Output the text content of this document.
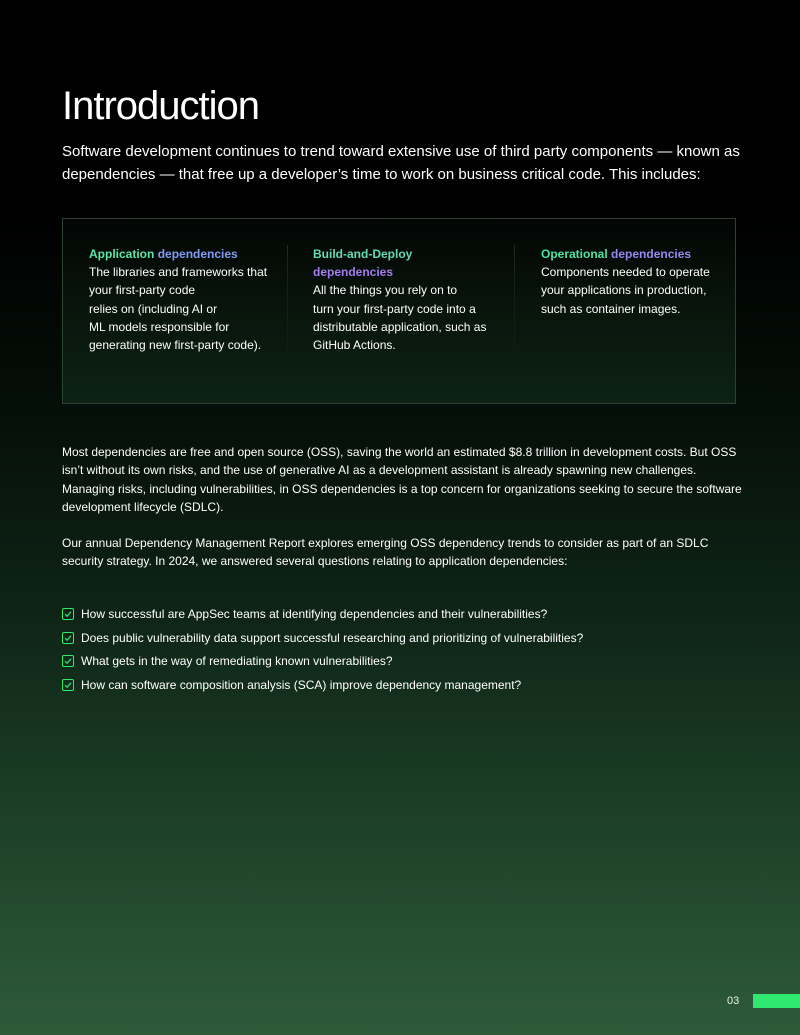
Introduction

Software development continues to trend toward extensive use of third party components — known as dependencies — that free up a developer’s time to work on business critical code. This includes:

Application dependencies
The libraries and frameworks that
your first-party code
relies on (including AI or
ML models responsible for
generating new first-party code).
Build-and-Deploy dependencies
All the things you rely on to
turn your first-party code into a
distributable application, such as
GitHub Actions.
Operational dependencies
Components needed to operate
your applications in production,
such as container images.

Most dependencies are free and open source (OSS), saving the world an estimated $8.8 trillion in development costs. But OSS isn’t without its own risks, and the use of generative AI as a development assistant is already spawning new challenges. Managing risks, including vulnerabilities, in OSS dependencies is a top concern for organizations seeking to secure the software development lifecycle (SDLC).

Our annual Dependency Management Report explores emerging OSS dependency trends to consider as part of an SDLC security strategy. In 2024, we answered several questions relating to application dependencies:

How successful are AppSec teams at identifying dependencies and their vulnerabilities?
Does public vulnerability data support successful researching and prioritizing of vulnerabilities?
What gets in the way of remediating known vulnerabilities?
How can software composition analysis (SCA) improve dependency management?
03
